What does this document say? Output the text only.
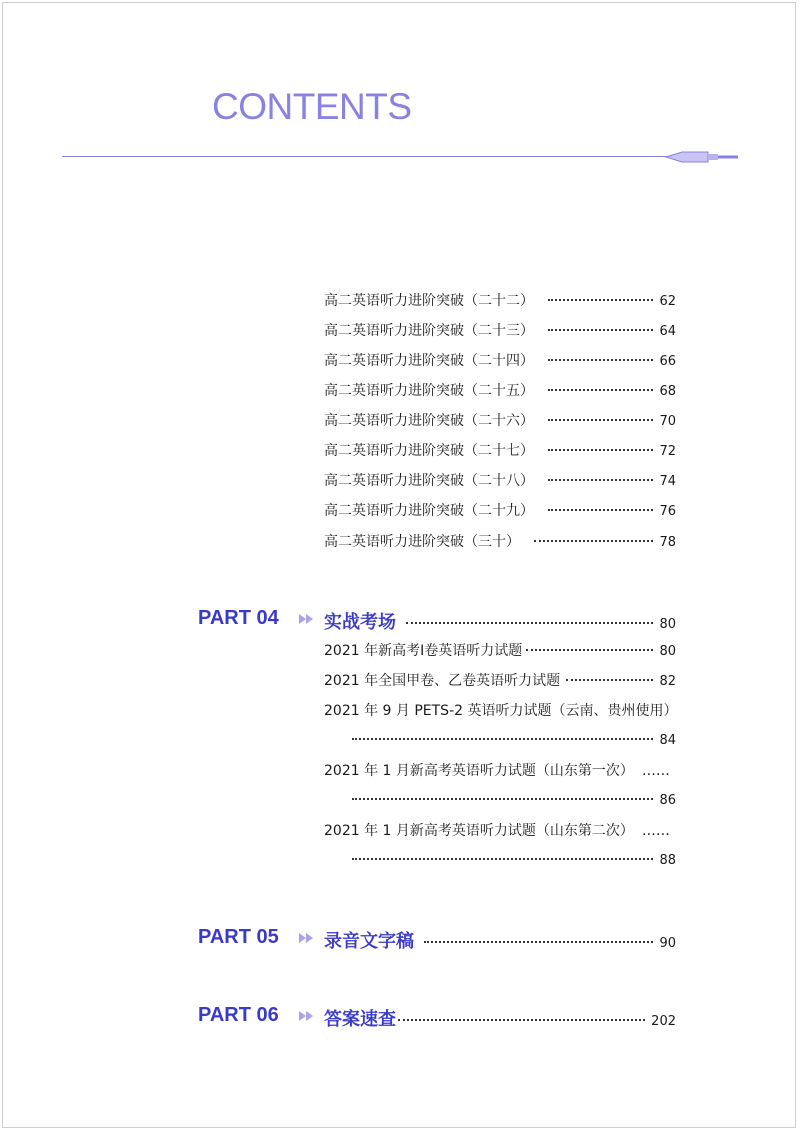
CONTENTS
高二英语听力进阶突破（二十二）	62
高二英语听力进阶突破（二十三）	64
高二英语听力进阶突破（二十四）	66
高二英语听力进阶突破（二十五）	68
高二英语听力进阶突破（二十六）	70
高二英语听力进阶突破（二十七）	72
高二英语听力进阶突破（二十八）	74
高二英语听力进阶突破（二十九）	76
高二英语听力进阶突破（三十）	78
PART 04	实战考场	80
2021 年新高考Ⅰ卷英语听力试题	80
2021 年全国甲卷、乙卷英语听力试题	82
2021 年 9 月 PETS-2 英语听力试题（云南、贵州使用）
84
2021 年 1 月新高考英语听力试题（山东第一次） ……
86
2021 年 1 月新高考英语听力试题（山东第二次） ……
88
PART 05	录音文字稿	90
PART 06	答案速查	202
